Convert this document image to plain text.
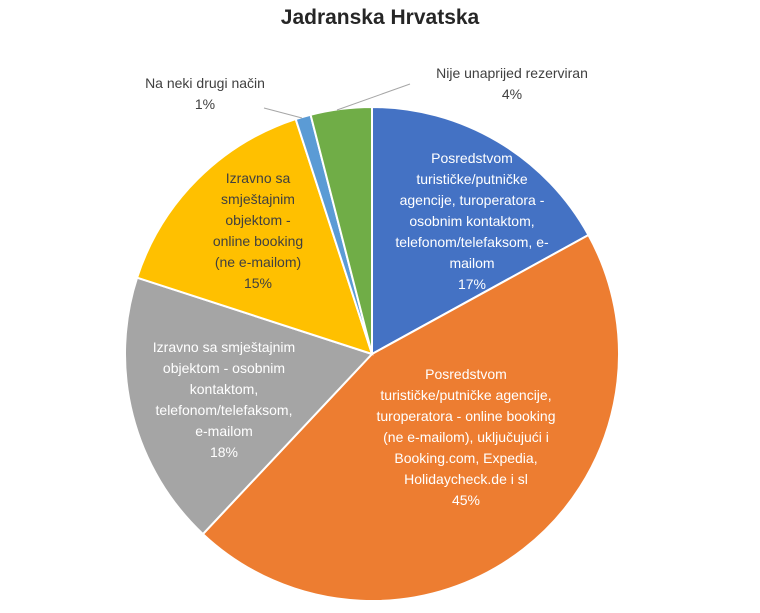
Jadranska Hrvatska
Posredstvom
turističke/putničke
agencije, turoperatora -
osobnim kontaktom,
telefonom/telefaksom, e-
mailom
17%
Posredstvom
turističke/putničke agencije,
turoperatora - online booking
(ne e-mailom), uključujući i
Booking.com, Expedia,
Holidaycheck.de i sl
45%
Izravno sa smještajnim
objektom - osobnim
kontaktom,
telefonom/telefaksom,
e-mailom
18%
Izravno sa
smještajnim
objektom -
online booking
(ne e-mailom)
15%
Na neki drugi način
1%
Nije unaprijed rezerviran
4%
